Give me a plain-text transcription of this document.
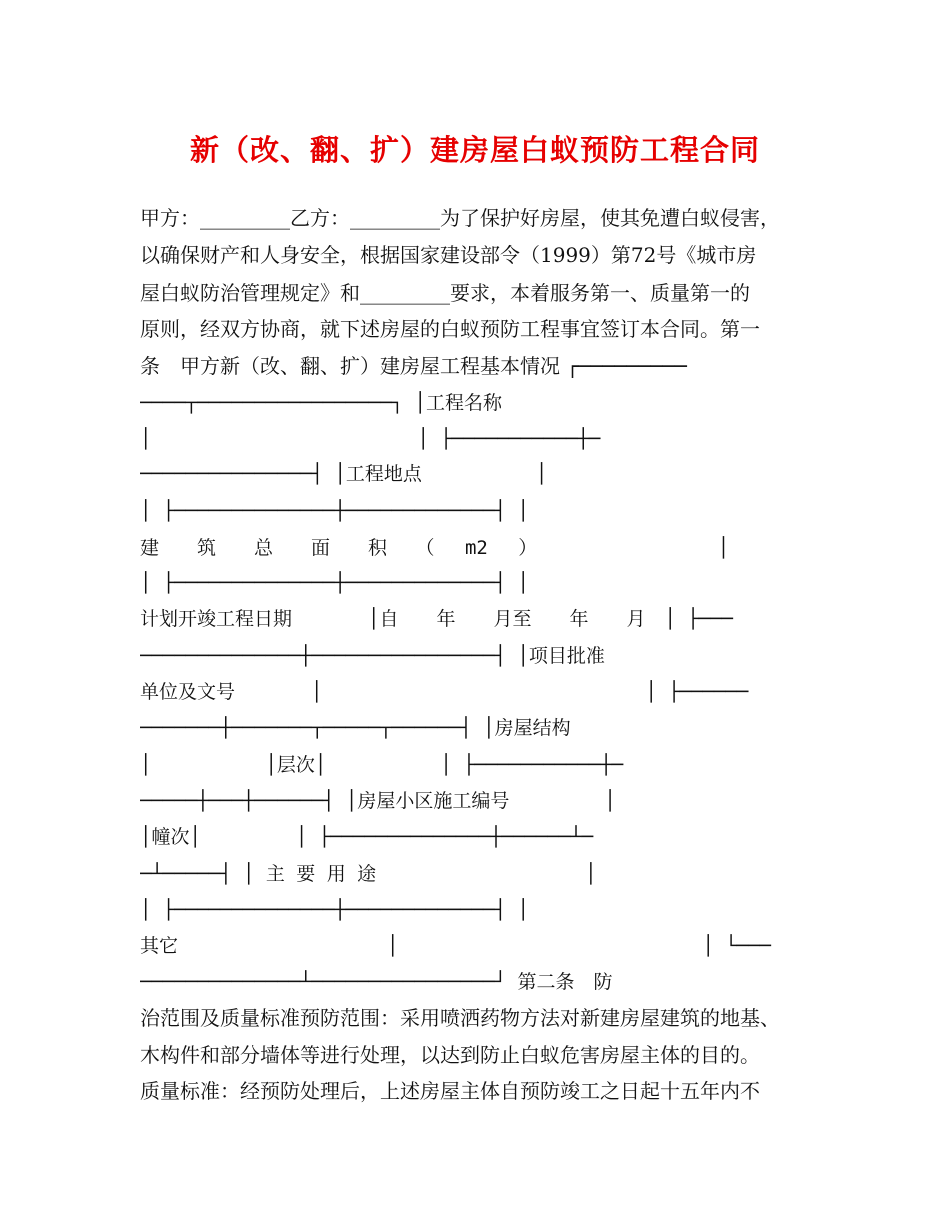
新（改、翻、扩）建房屋白蚁预防工程合同
甲方：_________乙方：_________为了保护好房屋，使其免遭白蚁侵害，
以确保财产和人身安全，根据国家建设部令（1999）第72号《城市房
屋白蚁防治管理规定》和_________要求，本着服务第一、质量第一的
原则，经双方协商，就下述房屋的白蚁预防工程事宜签订本合同。第一
条　甲方新（改、翻、扩）建房屋工程基本情况 ┌─────────
────┬─────────────────┐ │工程名称
│　　　　　　　　　　　　　　│ ├───────────┼─
───────────────┤ │工程地点　　　　　　│
│ ├──────────────┼─────────────┤ │
建　　筑　　总　　面　　积　　（　 m2 　）　　　　　　　　　　│
│ ├──────────────┼─────────────┤ │
计划开竣工程日期　　　　│自　　年　　月至　　年　　月　│ ├───
──────────────┼────────────────┤ │项目批准
单位及文号　　　　│　　　　　　　　　　　　　　　　　│ ├──────
───────┼───────┬─────┬──────┤ │房屋结构
│　　　　　　│层次│　　　　　　│ ├───────────┼─
─────┼───┼──────┤ │房屋小区施工编号　　　　　│
│幢次│　　　　　│ ├──────────────┼──────┴─
─┴─────┤ │ 主 要 用 途　　　　　　　　　　　│
│ ├──────────────┼─────────────┤ │
其它　　　　　　　　　　　│　　　　　　　　　　　　　　　　│ └───
──────────────┴────────────────┘ 第二条　防
治范围及质量标准预防范围：采用喷洒药物方法对新建房屋建筑的地基、
木构件和部分墙体等进行处理，以达到防止白蚁危害房屋主体的目的。
质量标准：经预防处理后，上述房屋主体自预防竣工之日起十五年内不
